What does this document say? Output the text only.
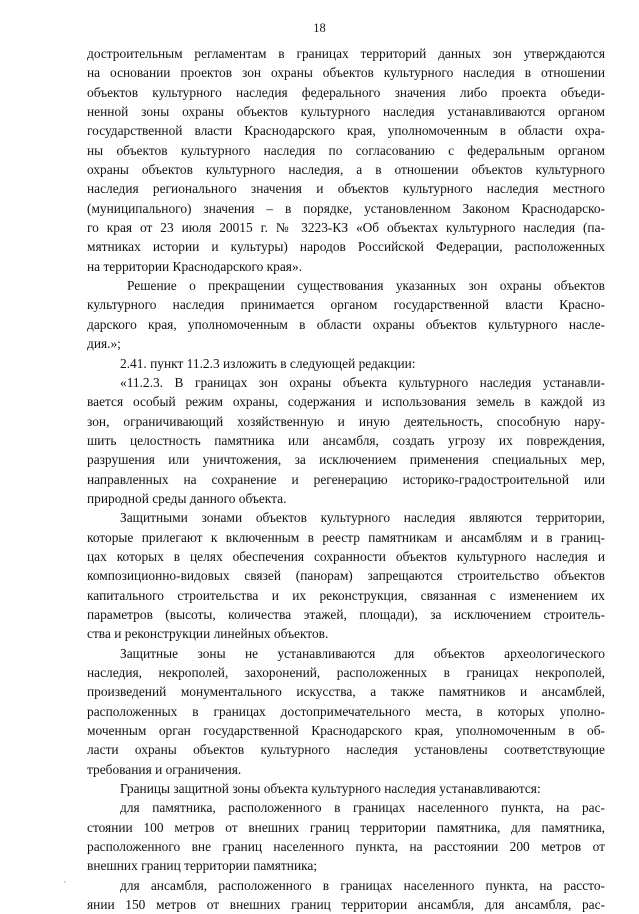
18
достроительным регламентам в границах территорий данных зон утверждаются
на основании проектов зон охраны объектов культурного наследия в отношении
объектов культурного наследия федерального значения либо проекта объеди-
ненной зоны охраны объектов культурного наследия устанавливаются органом
государственной власти Краснодарского края, уполномоченным в области охра-
ны объектов культурного наследия по согласованию с федеральным органом
охраны объектов культурного наследия, а в отношении объектов культурного
наследия регионального значения и объектов культурного наследия местного
(муниципального) значения – в порядке, установленном Законом Краснодарско-
го края от 23 июля 20015 г. № 3223-КЗ «Об объектах культурного наследия (па-
мятниках истории и культуры) народов Российской Федерации, расположенных
на территории Краснодарского края».
Решение о прекращении существования указанных зон охраны объектов
культурного наследия принимается органом государственной власти Красно-
дарского края, уполномоченным в области охраны объектов культурного насле-
дия.»;
2.41. пункт 11.2.3 изложить в следующей редакции:
«11.2.3. В границах зон охраны объекта культурного наследия устанавли-
вается особый режим охраны, содержания и использования земель в каждой из
зон, ограничивающий хозяйственную и иную деятельность, способную нару-
шить целостность памятника или ансамбля, создать угрозу их повреждения,
разрушения или уничтожения, за исключением применения специальных мер,
направленных на сохранение и регенерацию историко-градостроительной или
природной среды данного объекта.
Защитными зонами объектов культурного наследия являются территории,
которые прилегают к включенным в реестр памятникам и ансамблям и в границ-
цах которых в целях обеспечения сохранности объектов культурного наследия и
композиционно-видовых связей (панорам) запрещаются строительство объектов
капитального строительства и их реконструкция, связанная с изменением их
параметров (высоты, количества этажей, площади), за исключением строитель-
ства и реконструкции линейных объектов.
Защитные зоны не устанавливаются для объектов археологического
наследия, некрополей, захоронений, расположенных в границах некрополей,
произведений монументального искусства, а также памятников и ансамблей,
расположенных в границах достопримечательного места, в которых уполно-
моченным орган государственной Краснодарского края, уполномоченным в об-
ласти охраны объектов культурного наследия установлены соответствующие
требования и ограничения.
Границы защитной зоны объекта культурного наследия устанавливаются:
для памятника, расположенного в границах населенного пункта, на рас-
стоянии 100 метров от внешних границ территории памятника, для памятника,
расположенного вне границ населенного пункта, на расстоянии 200 метров от
внешних границ территории памятника;
для ансамбля, расположенного в границах населенного пункта, на рассто-
янии 150 метров от внешних границ территории ансамбля, для ансамбля, рас-
